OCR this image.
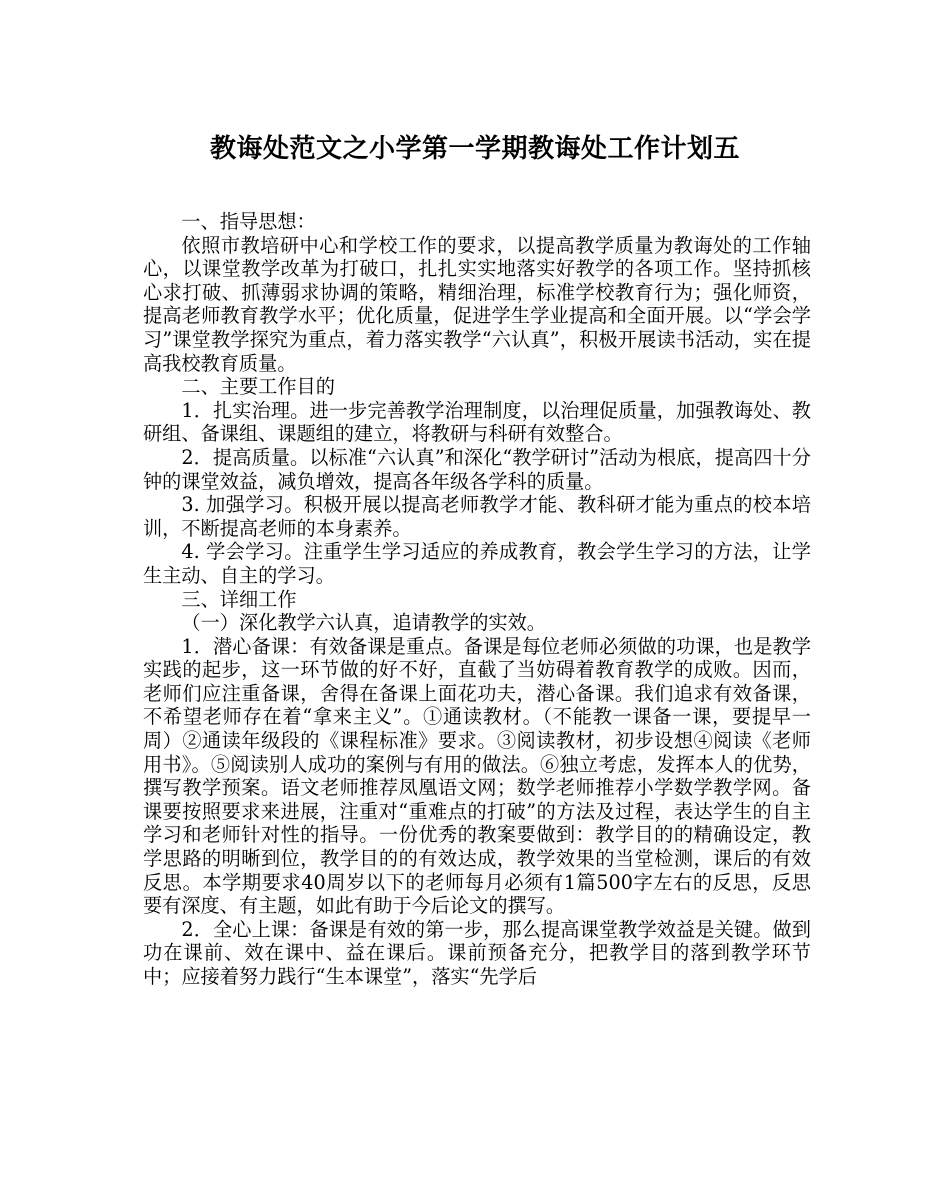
教诲处范文之小学第一学期教诲处工作计划五

一、指导思想：

依照市教培研中心和学校工作的要求，以提高教学质量为教诲处的工作轴心，以课堂教学改革为打破口，扎扎实实地落实好教学的各项工作。坚持抓核心求打破、抓薄弱求协调的策略，精细治理，标准学校教育行为；强化师资，提高老师教育教学水平；优化质量，促进学生学业提高和全面开展。以“学会学习”课堂教学探究为重点，着力落实教学“六认真”，积极开展读书活动，实在提高我校教育质量。

二、主要工作目的

1．扎实治理。进一步完善教学治理制度，以治理促质量，加强教诲处、教研组、备课组、课题组的建立，将教研与科研有效整合。

2．提高质量。以标准“六认真”和深化“教学研讨”活动为根底，提高四十分钟的课堂效益，减负增效，提高各年级各学科的质量。

3. 加强学习。积极开展以提高老师教学才能、教科研才能为重点的校本培训，不断提高老师的本身素养。

4. 学会学习。注重学生学习适应的养成教育，教会学生学习的方法，让学生主动、自主的学习。

三、详细工作

（一）深化教学六认真，追请教学的实效。

1．潜心备课：有效备课是重点。备课是每位老师必须做的功课，也是教学实践的起步，这一环节做的好不好，直截了当妨碍着教育教学的成败。因而，老师们应注重备课，舍得在备课上面花功夫，潜心备课。我们追求有效备课，不希望老师存在着“拿来主义”。①通读教材。（不能教一课备一课，要提早一周）②通读年级段的《课程标准》要求。③阅读教材，初步设想④阅读《老师用书》。⑤阅读别人成功的案例与有用的做法。⑥独立考虑，发挥本人的优势，撰写教学预案。语文老师推荐凤凰语文网；数学老师推荐小学数学教学网。备课要按照要求来进展，注重对“重难点的打破”的方法及过程，表达学生的自主学习和老师针对性的指导。一份优秀的教案要做到：教学目的的精确设定，教学思路的明晰到位，教学目的的有效达成，教学效果的当堂检测，课后的有效反思。本学期要求40周岁以下的老师每月必须有1篇500字左右的反思，反思要有深度、有主题，如此有助于今后论文的撰写。

2．全心上课：备课是有效的第一步，那么提高课堂教学效益是关键。做到功在课前、效在课中、益在课后。课前预备充分，把教学目的落到教学环节中；应接着努力践行“生本课堂”，落实“先学后
